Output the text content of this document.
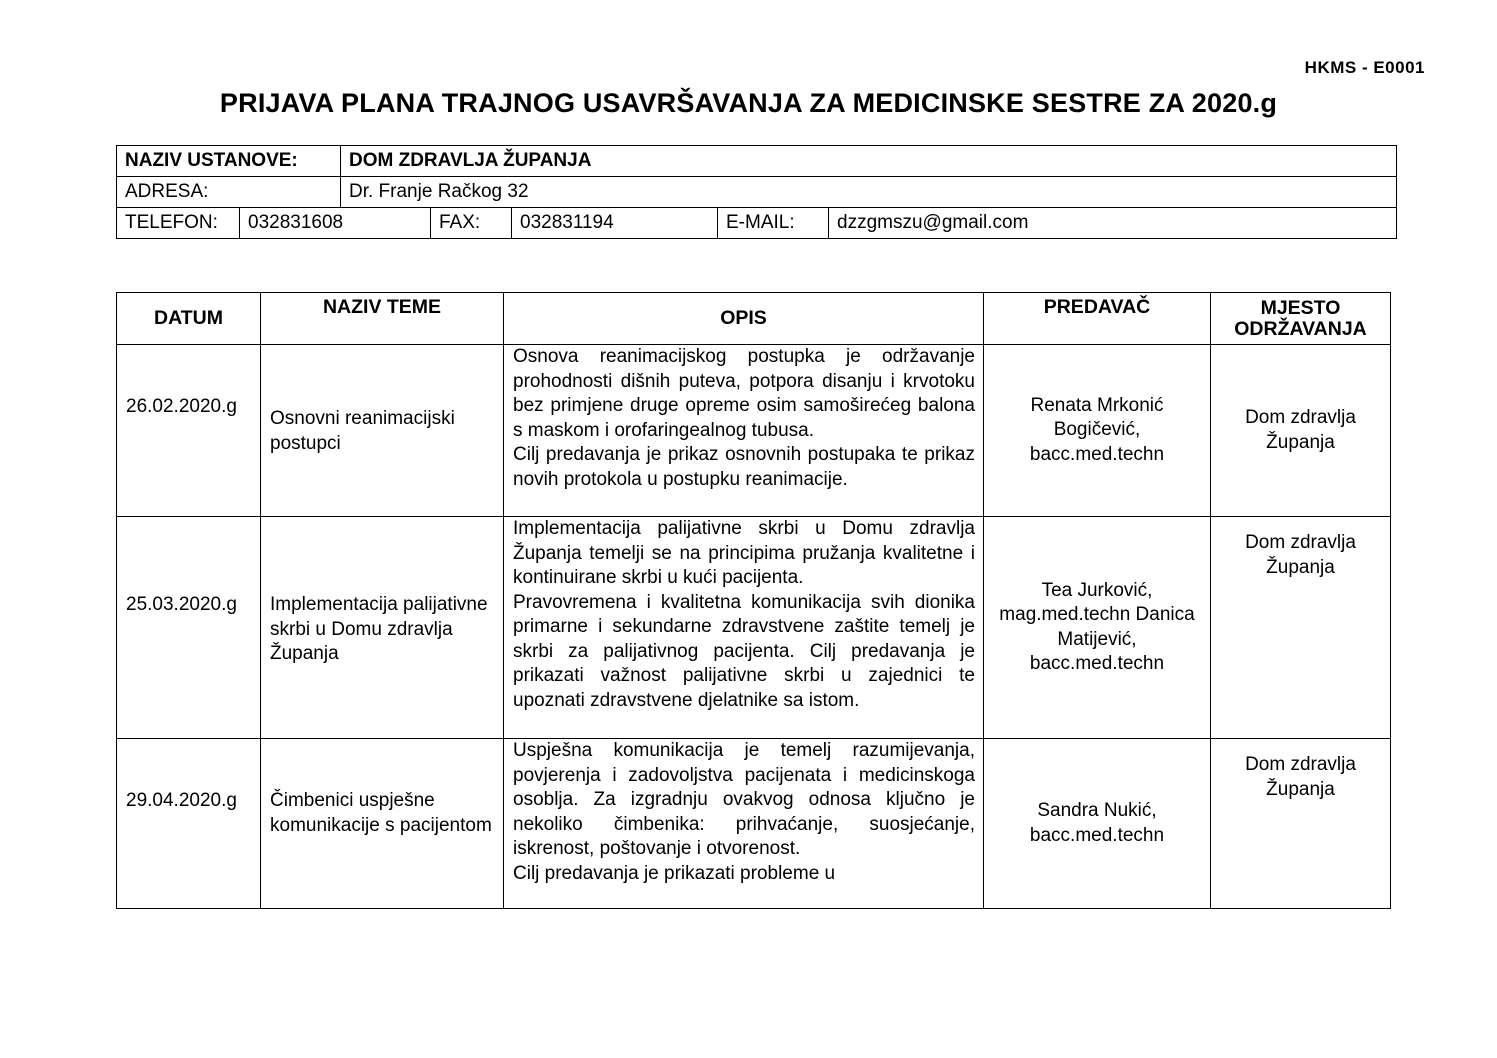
HKMS - E0001
PRIJAVA PLANA TRAJNOG USAVRŠAVANJA ZA MEDICINSKE SESTRE ZA 2020.g
NAZIV USTANOVE:		DOM ZDRAVLJA ŽUPANJA				
ADRESA:		Dr. Franje Račkog 32				
TELEFON:	032831608		FAX:	032831194	E-MAIL:	dzzgmszu@gmail.com
DATUM	NAZIV TEME	OPIS	PREDAVAČ	MJESTO ODRŽAVANJA
26.02.2020.g	Osnovni reanimacijski postupci	Osnova reanimacijskog postupka je održavanje prohodnosti dišnih puteva, potpora disanju i krvotoku bez primjene druge opreme osim samoširećeg balona s maskom i orofaringealnog tubusa.
Cilj predavanja je prikaz osnovnih postupaka te prikaz novih protokola u postupku reanimacije.	Renata Mrkonić Bogičević, bacc.med.techn	Dom zdravlja Županja
25.03.2020.g	Implementacija palijativne skrbi u Domu zdravlja Županja	Implementacija palijativne skrbi u Domu zdravlja Županja temelji se na principima pružanja kvalitetne i kontinuirane skrbi u kući pacijenta.
Pravovremena i kvalitetna komunikacija svih dionika primarne i sekundarne zdravstvene zaštite temelj je skrbi za palijativnog pacijenta. Cilj predavanja je prikazati važnost palijativne skrbi u zajednici te upoznati zdravstvene djelatnike sa istom.	Tea Jurković, mag.med.techn Danica Matijević, bacc.med.techn	Dom zdravlja Županja
29.04.2020.g	Čimbenici uspješne komunikacije s pacijentom	Uspješna komunikacija je temelj razumijevanja, povjerenja i zadovoljstva pacijenata i medicinskoga osoblja. Za izgradnju ovakvog odnosa ključno je nekoliko čimbenika: prihvaćanje, suosjećanje, iskrenost, poštovanje i otvorenost.
Cilj predavanja je prikazati probleme u	Sandra Nukić, bacc.med.techn	Dom zdravlja Županja
